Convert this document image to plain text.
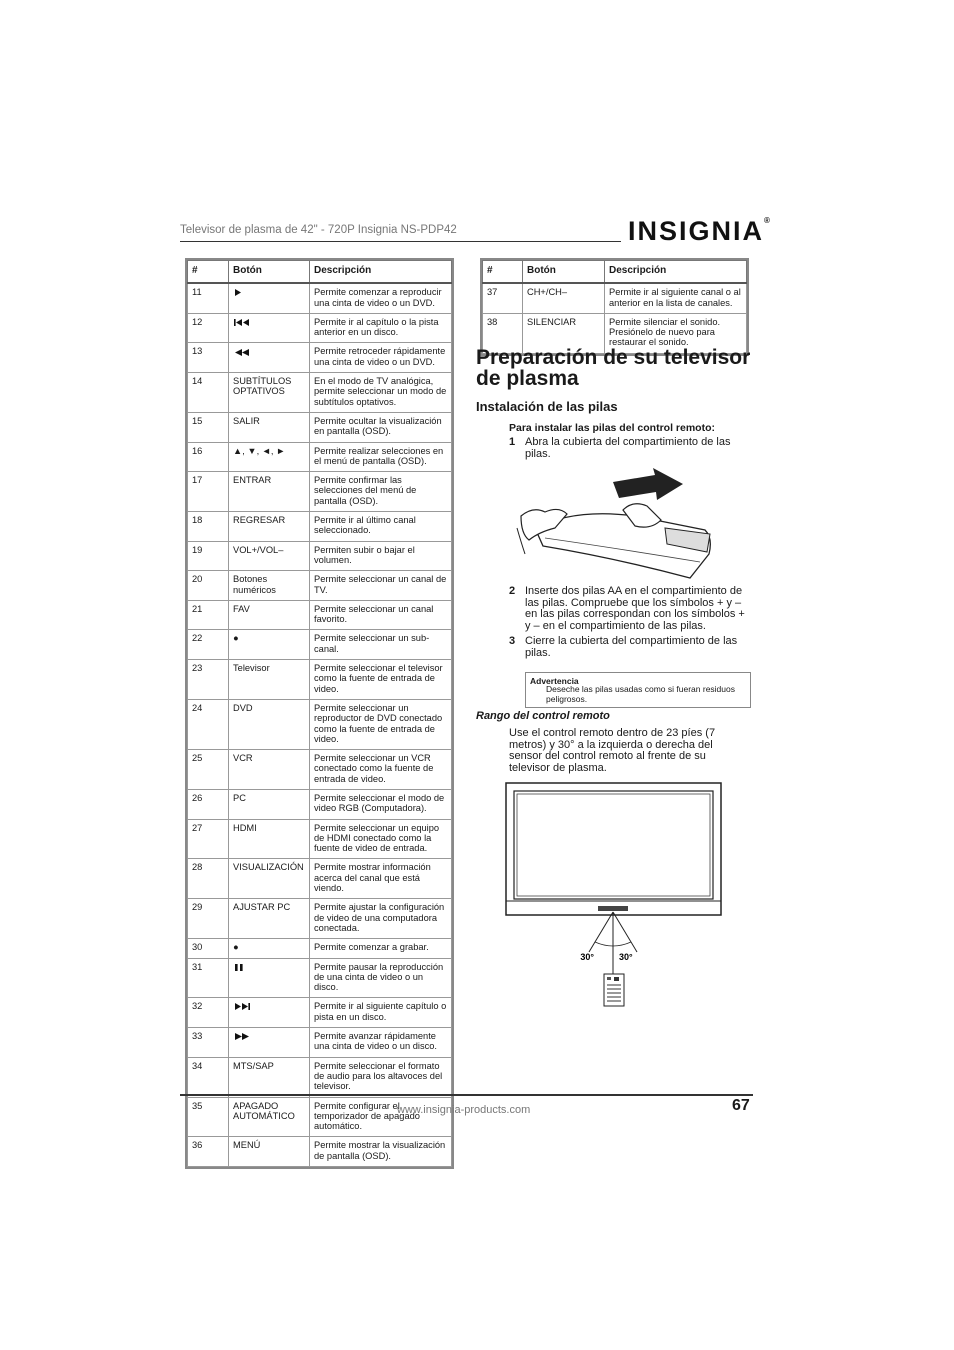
Televisor de plasma de 42" - 720P Insignia NS-PDP42	INSIGNIA®
#	Botón	Descripción
11		Permite comenzar a reproducir una cinta de video o un DVD.
12		Permite ir al capítulo o la pista anterior en un disco.
13		Permite retroceder rápidamente una cinta de video o un DVD.
14	SUBTÍTULOS OPTATIVOS	En el modo de TV analógica, permite seleccionar un modo de subtítulos optativos.
15	SALIR	Permite ocultar la visualización en pantalla (OSD).
16	▲, ▼, ◄, ►	Permite realizar selecciones en el menú de pantalla (OSD).
17	ENTRAR	Permite confirmar las selecciones del menú de pantalla (OSD).
18	REGRESAR	Permite ir al último canal seleccionado.
19	VOL+/VOL–	Permiten subir o bajar el volumen.
20	Botones numéricos	Permite seleccionar un canal de TV.
21	FAV	Permite seleccionar un canal favorito.
22	●	Permite seleccionar un sub-canal.
23	Televisor	Permite seleccionar el televisor como la fuente de entrada de video.
24	DVD	Permite seleccionar un reproductor de DVD conectado como la fuente de entrada de video.
25	VCR	Permite seleccionar un VCR conectado como la fuente de entrada de video.
26	PC	Permite seleccionar el modo de video RGB (Computadora).
27	HDMI	Permite seleccionar un equipo de HDMI conectado como la fuente de video de entrada.
28	VISUALIZACIÓN	Permite mostrar información acerca del canal que está viendo.
29	AJUSTAR PC	Permite ajustar la configuración de video de una computadora conectada.
30	●	Permite comenzar a grabar.
31		Permite pausar la reproducción de una cinta de video o un disco.
32		Permite ir al siguiente capítulo o pista en un disco.
33		Permite avanzar rápidamente una cinta de video o un disco.
34	MTS/SAP	Permite seleccionar el formato de audio para los altavoces del televisor.
35	APAGADO AUTOMÁTICO	Permite configurar el temporizador de apagado automático.
36	MENÚ	Permite mostrar la visualización de pantalla (OSD).
#	Botón	Descripción
37	CH+/CH–	Permite ir al siguiente canal o al anterior en la lista de canales.
38	SILENCIAR	Permite silenciar el sonido. Presiónelo de nuevo para restaurar el sonido.
Preparación de su televisor de plasma
Instalación de las pilas
Para instalar las pilas del control remoto:
1 Abra la cubierta del compartimiento de las pilas.
2 Inserte dos pilas AA en el compartimiento de las pilas. Compruebe que los símbolos + y – en las pilas correspondan con los símbolos + y – en el compartimiento de las pilas.
3 Cierre la cubierta del compartimiento de las pilas.
Advertencia
Deseche las pilas usadas como si fueran residuos peligrosos.
Rango del control remoto
Use el control remoto dentro de 23 píes (7 metros) y 30° a la izquierda o derecha del sensor del control remoto al frente de su televisor de plasma.
30°	30°
www.insignia-products.com	67
